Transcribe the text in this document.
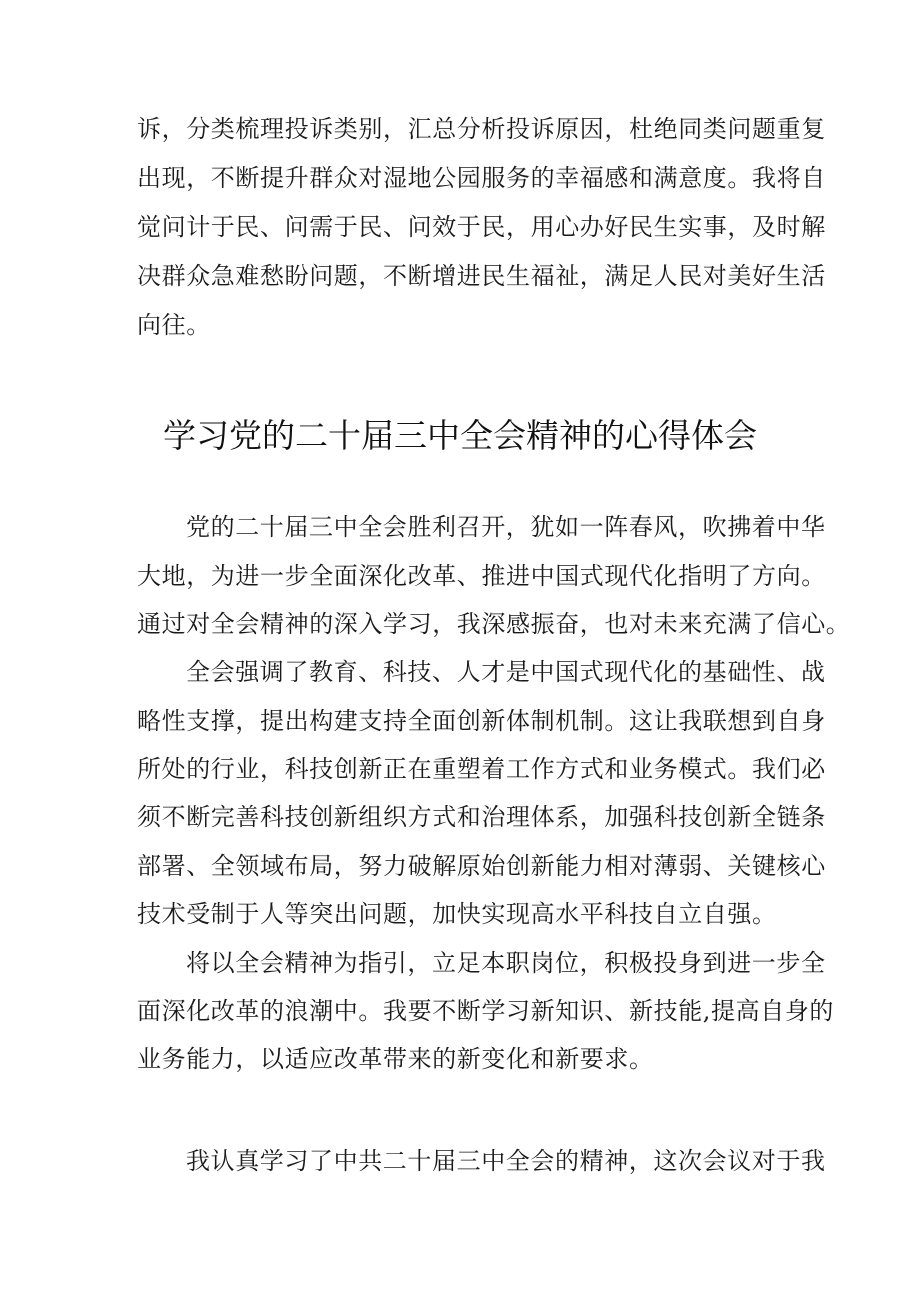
诉，分类梳理投诉类别，汇总分析投诉原因，杜绝同类问题重复
出现，不断提升群众对湿地公园服务的幸福感和满意度。我将自
觉问计于民、问需于民、问效于民，用心办好民生实事，及时解
决群众急难愁盼问题，不断增进民生福祉，满足人民对美好生活
向往。
学习党的二十届三中全会精神的心得体会
党的二十届三中全会胜利召开，犹如一阵春风，吹拂着中华
大地，为进一步全面深化改革、推进中国式现代化指明了方向。
通过对全会精神的深入学习，我深感振奋，也对未来充满了信心。
全会强调了教育、科技、人才是中国式现代化的基础性、战
略性支撑，提出构建支持全面创新体制机制。这让我联想到自身
所处的行业，科技创新正在重塑着工作方式和业务模式。我们必
须不断完善科技创新组织方式和治理体系，加强科技创新全链条
部署、全领域布局，努力破解原始创新能力相对薄弱、关键核心
技术受制于人等突出问题，加快实现高水平科技自立自强。
将以全会精神为指引，立足本职岗位，积极投身到进一步全
面深化改革的浪潮中。我要不断学习新知识、新技能,提高自身的
业务能力，以适应改革带来的新变化和新要求。
我认真学习了中共二十届三中全会的精神，这次会议对于我
